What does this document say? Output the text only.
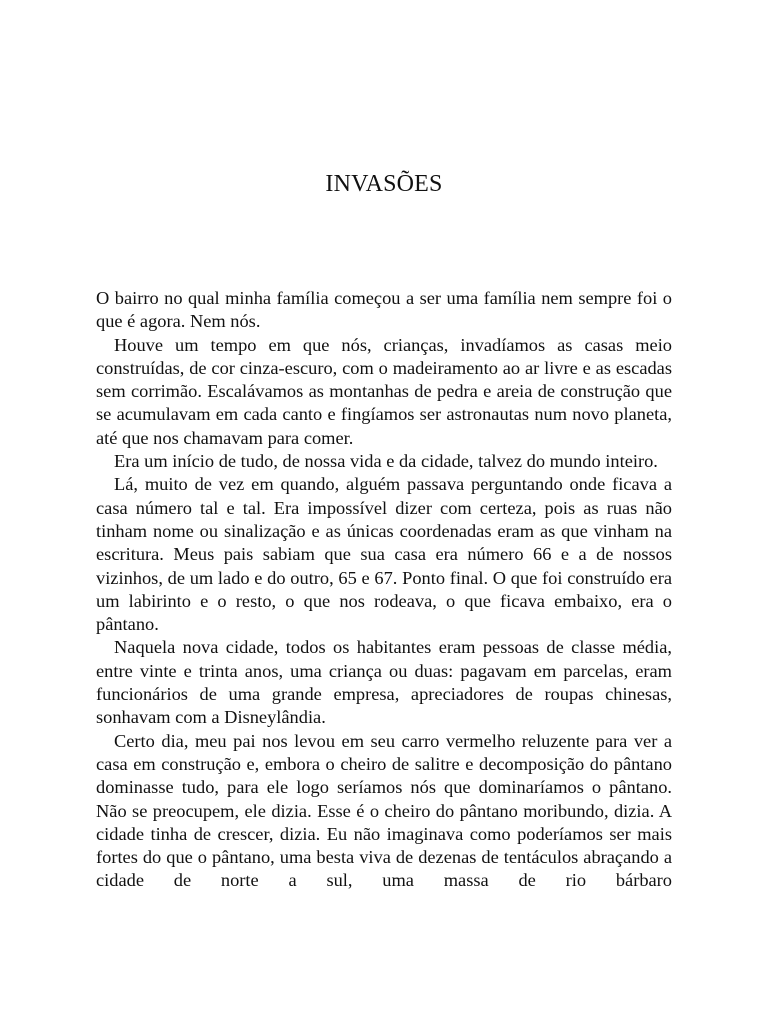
INVASÕES

O bairro no qual minha família começou a ser uma família nem sempre foi o que é agora. Nem nós.

Houve um tempo em que nós, crianças, invadíamos as casas meio construídas, de cor cinza-escuro, com o madeiramento ao ar livre e as escadas sem corrimão. Escalávamos as montanhas de pedra e areia de construção que se acumulavam em cada canto e fingíamos ser astronautas num novo planeta, até que nos chamavam para comer.

Era um início de tudo, de nossa vida e da cidade, talvez do mundo inteiro.

Lá, muito de vez em quando, alguém passava perguntando onde ficava a casa número tal e tal. Era impossível dizer com certeza, pois as ruas não tinham nome ou sinalização e as únicas coordenadas eram as que vinham na escritura. Meus pais sabiam que sua casa era número 66 e a de nossos vizinhos, de um lado e do outro, 65 e 67. Ponto final. O que foi construído era um labirinto e o resto, o que nos rodeava, o que ficava embaixo, era o pântano.

Naquela nova cidade, todos os habitantes eram pessoas de classe média, entre vinte e trinta anos, uma criança ou duas: pagavam em parcelas, eram funcionários de uma grande empresa, apreciadores de roupas chinesas, sonhavam com a Disneylândia.

Certo dia, meu pai nos levou em seu carro vermelho reluzente para ver a casa em construção e, embora o cheiro de salitre e decomposição do pântano dominasse tudo, para ele logo seríamos nós que dominaríamos o pântano. Não se preocupem, ele dizia. Esse é o cheiro do pântano moribundo, dizia. A cidade tinha de crescer, dizia. Eu não imaginava como poderíamos ser mais fortes do que o pântano, uma besta viva de dezenas de tentáculos abraçando a cidade de norte a sul, uma massa de rio bárbaro
